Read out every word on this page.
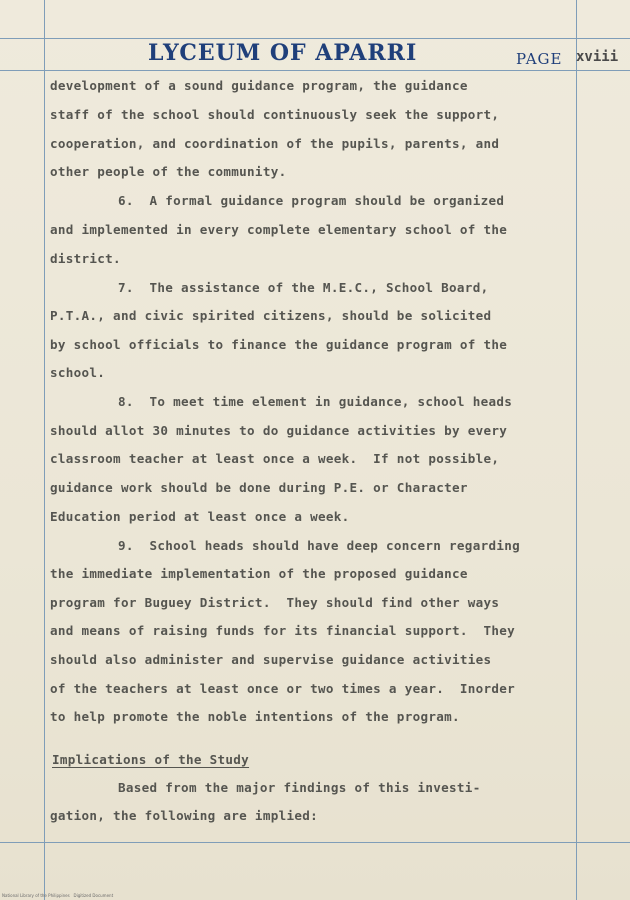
LYCEUM OF APARRI	PAGE xviii
development of a sound guidance program, the guidance
staff of the school should continuously seek the support,
cooperation, and coordination of the pupils, parents, and
other people of the community.
6.  A formal guidance program should be organized
and implemented in every complete elementary school of the
district.
7.  The assistance of the M.E.C., School Board,
P.T.A., and civic spirited citizens, should be solicited
by school officials to finance the guidance program of the
school.
8.  To meet time element in guidance, school heads
should allot 30 minutes to do guidance activities by every
classroom teacher at least once a week.  If not possible,
guidance work should be done during P.E. or Character
Education period at least once a week.
9.  School heads should have deep concern regarding
the immediate implementation of the proposed guidance
program for Buguey District.  They should find other ways
and means of raising funds for its financial support.  They
should also administer and supervise guidance activities
of the teachers at least once or two times a year.  Inorder
to help promote the noble intentions of the program.
Implications of the Study
Based from the major findings of this investi-
gation, the following are implied:
National Library of the Philippines   Digitized Document
